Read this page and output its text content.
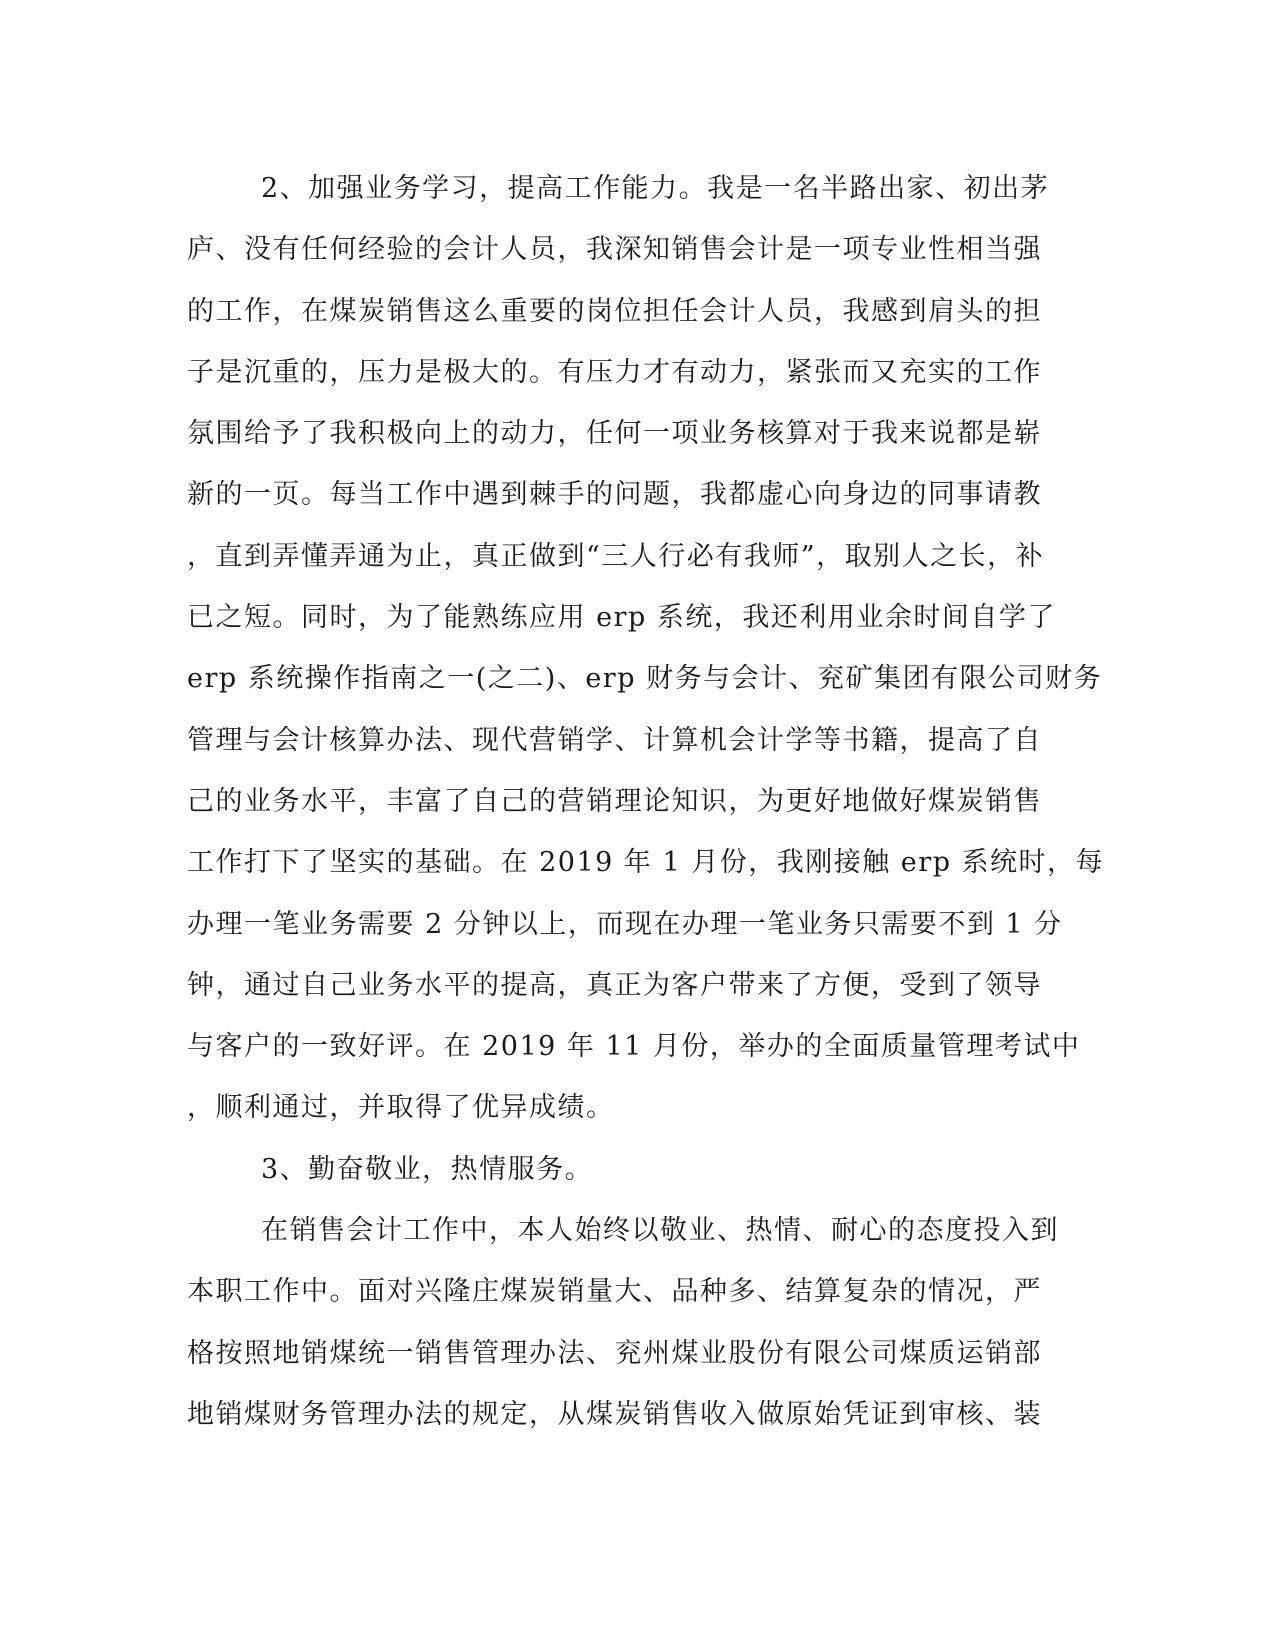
2、加强业务学习，提高工作能力。我是一名半路出家、初出茅
庐、没有任何经验的会计人员，我深知销售会计是一项专业性相当强
的工作，在煤炭销售这么重要的岗位担任会计人员，我感到肩头的担
子是沉重的，压力是极大的。有压力才有动力，紧张而又充实的工作
氛围给予了我积极向上的动力，任何一项业务核算对于我来说都是崭
新的一页。每当工作中遇到棘手的问题，我都虚心向身边的同事请教
，直到弄懂弄通为止，真正做到“三人行必有我师”，取别人之长，补
已之短。同时，为了能熟练应用 erp 系统，我还利用业余时间自学了
erp 系统操作指南之一(之二)、erp 财务与会计、兖矿集团有限公司财务
管理与会计核算办法、现代营销学、计算机会计学等书籍，提高了自
己的业务水平，丰富了自己的营销理论知识，为更好地做好煤炭销售
工作打下了坚实的基础。在 2019 年 1 月份，我刚接触 erp 系统时，每
办理一笔业务需要 2 分钟以上，而现在办理一笔业务只需要不到 1 分
钟，通过自己业务水平的提高，真正为客户带来了方便，受到了领导
与客户的一致好评。在 2019 年 11 月份，举办的全面质量管理考试中
，顺利通过，并取得了优异成绩。
3、勤奋敬业，热情服务。
在销售会计工作中，本人始终以敬业、热情、耐心的态度投入到
本职工作中。面对兴隆庄煤炭销量大、品种多、结算复杂的情况，严
格按照地销煤统一销售管理办法、兖州煤业股份有限公司煤质运销部
地销煤财务管理办法的规定，从煤炭销售收入做原始凭证到审核、装
